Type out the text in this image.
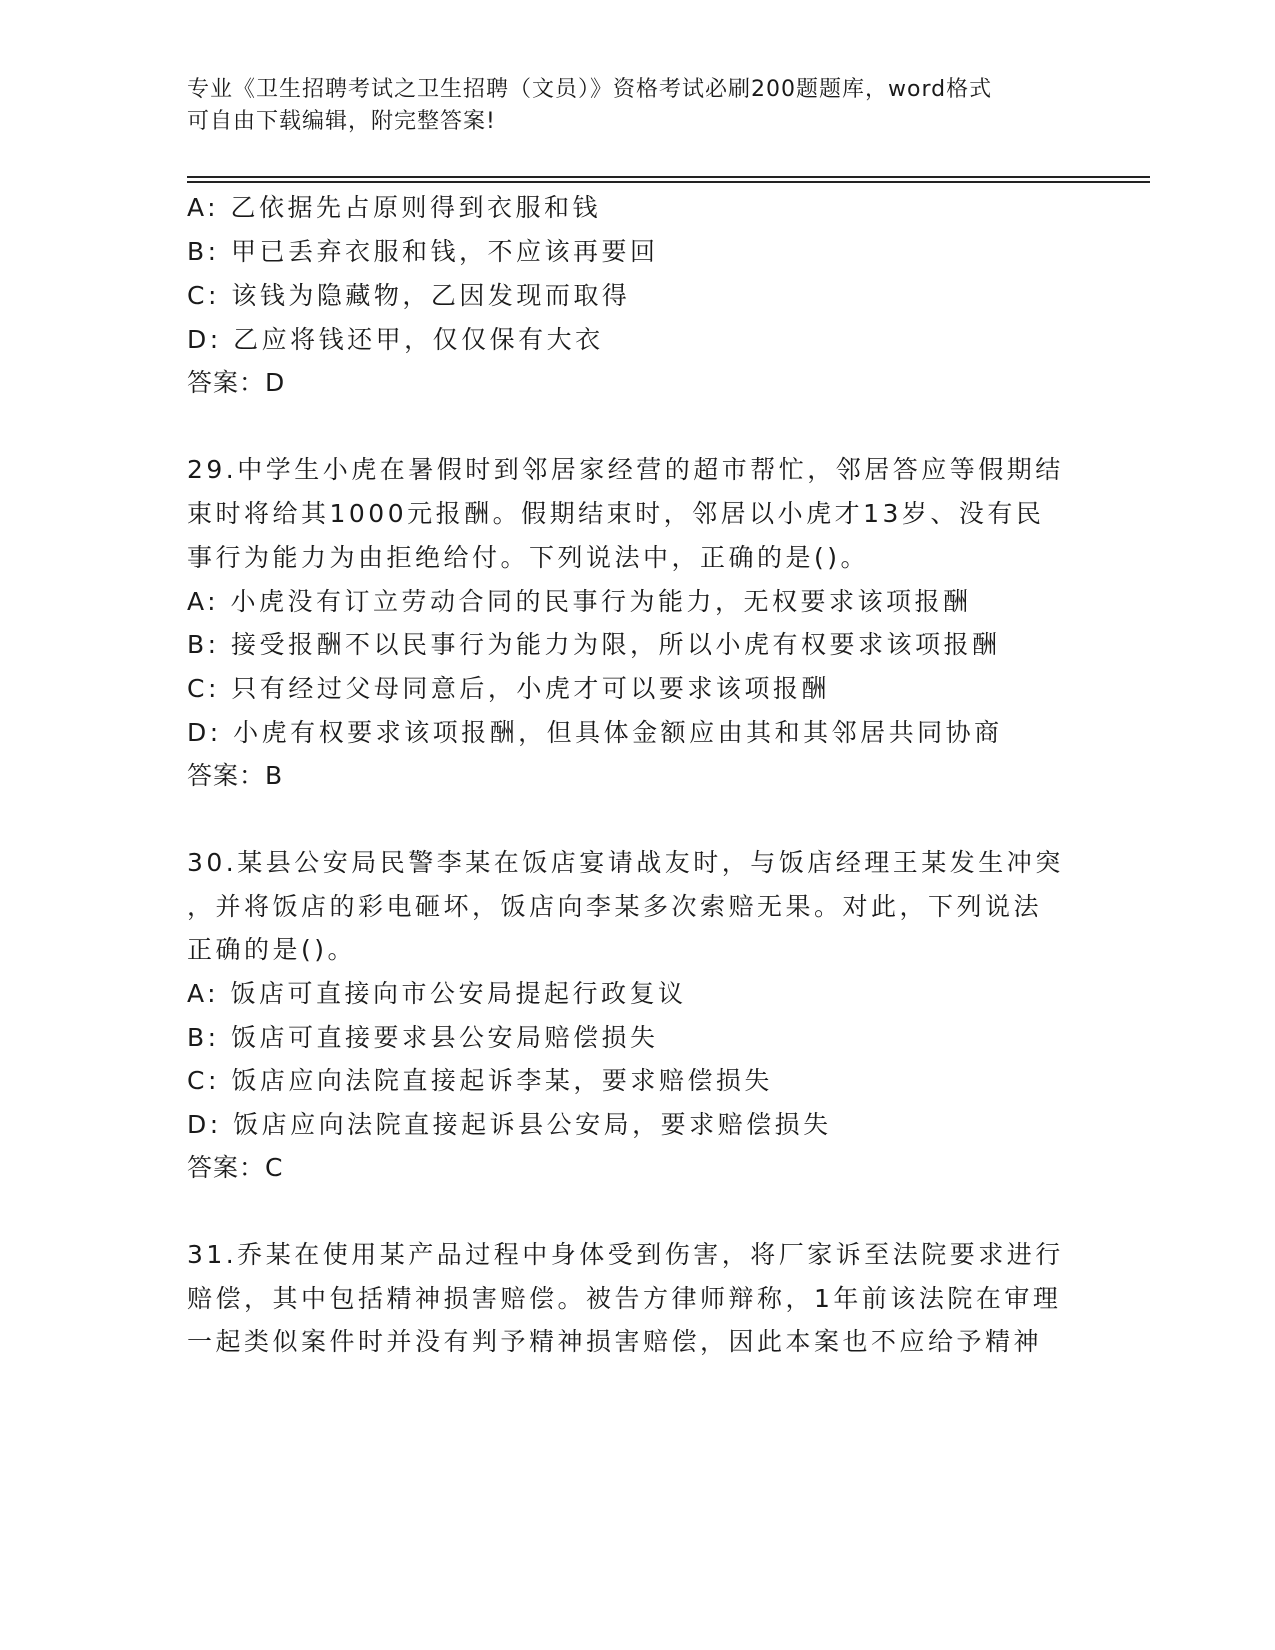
专业《卫生招聘考试之卫生招聘（文员）》资格考试必刷200题题库，word格式
可自由下载编辑，附完整答案!
A: 乙依据先占原则得到衣服和钱
B: 甲已丢弃衣服和钱，不应该再要回
C: 该钱为隐藏物，乙因发现而取得
D: 乙应将钱还甲，仅仅保有大衣
答案：D
29.中学生小虎在暑假时到邻居家经营的超市帮忙，邻居答应等假期结
束时将给其1000元报酬。假期结束时，邻居以小虎才13岁、没有民
事行为能力为由拒绝给付。下列说法中，正确的是()。
A: 小虎没有订立劳动合同的民事行为能力，无权要求该项报酬
B: 接受报酬不以民事行为能力为限，所以小虎有权要求该项报酬
C: 只有经过父母同意后，小虎才可以要求该项报酬
D: 小虎有权要求该项报酬，但具体金额应由其和其邻居共同协商
答案：B
30.某县公安局民警李某在饭店宴请战友时，与饭店经理王某发生冲突
，并将饭店的彩电砸坏，饭店向李某多次索赔无果。对此，下列说法
正确的是()。
A: 饭店可直接向市公安局提起行政复议
B: 饭店可直接要求县公安局赔偿损失
C: 饭店应向法院直接起诉李某，要求赔偿损失
D: 饭店应向法院直接起诉县公安局，要求赔偿损失
答案：C
31.乔某在使用某产品过程中身体受到伤害，将厂家诉至法院要求进行
赔偿，其中包括精神损害赔偿。被告方律师辩称，1年前该法院在审理
一起类似案件时并没有判予精神损害赔偿，因此本案也不应给予精神
